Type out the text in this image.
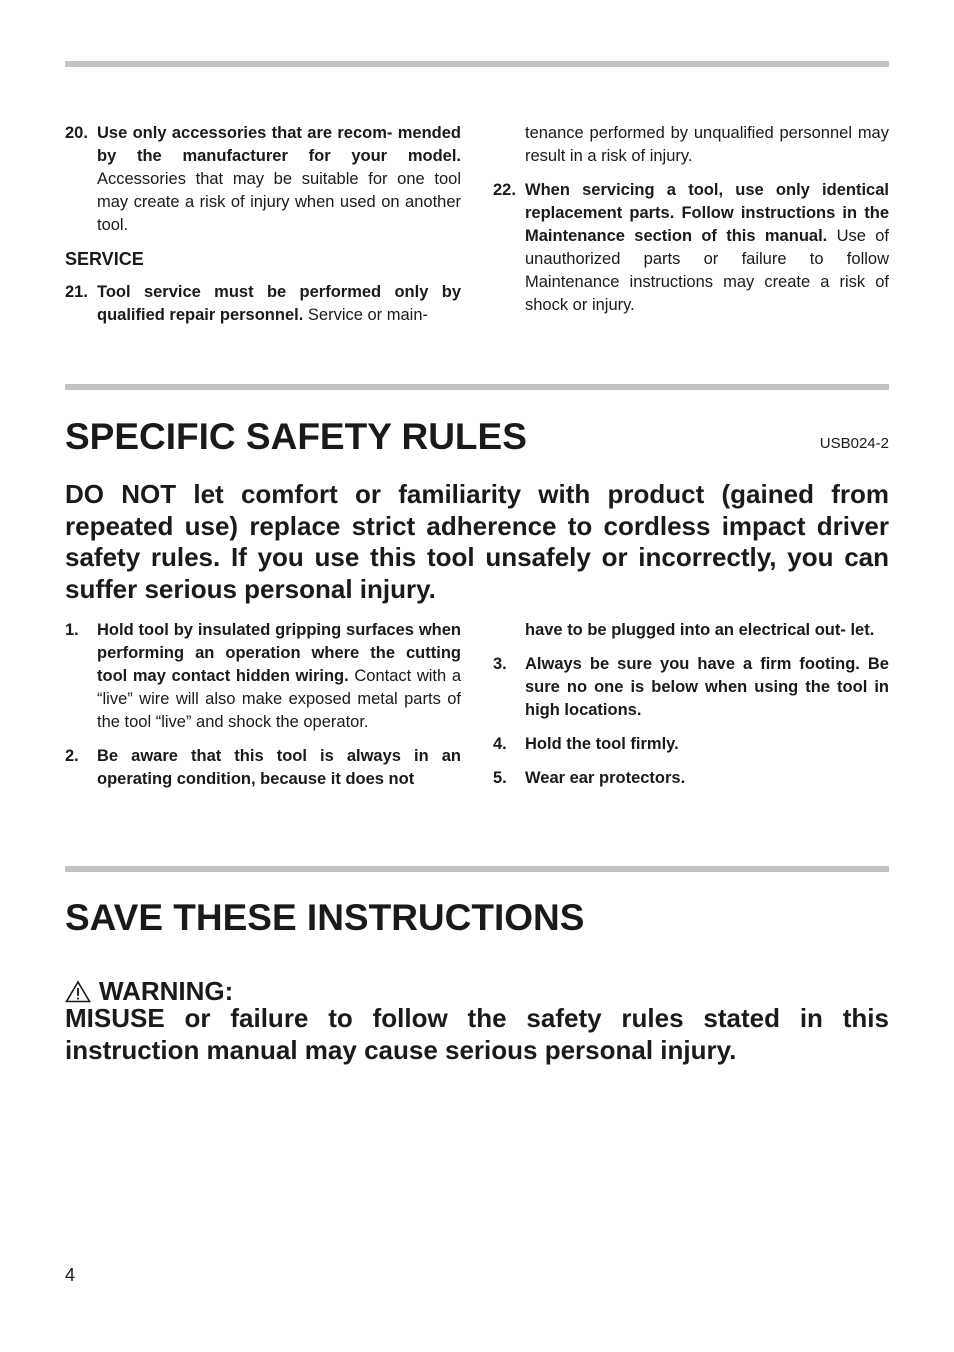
20. Use only accessories that are recom- mended by the manufacturer for your model. Accessories that may be suitable for one tool may create a risk of injury when used on another tool.

SERVICE

21. Tool service must be performed only by qualified repair personnel. Service or main-

tenance performed by unqualified personnel may result in a risk of injury.

22. When servicing a tool, use only identical replacement parts. Follow instructions in the Maintenance section of this manual. Use of unauthorized parts or failure to follow Maintenance instructions may create a risk of shock or injury.

SPECIFIC SAFETY RULES	USB024-2

DO NOT let comfort or familiarity with product (gained from repeated use) replace strict adherence to cordless impact driver safety rules. If you use this tool unsafely or incorrectly, you can suffer serious personal injury.

1. Hold tool by insulated gripping surfaces when performing an operation where the cutting tool may contact hidden wiring. Contact with a “live” wire will also make exposed metal parts of the tool “live” and shock the operator.

2. Be aware that this tool is always in an operating condition, because it does not

have to be plugged into an electrical out- let.

3. Always be sure you have a firm footing. Be sure no one is below when using the tool in high locations.

4. Hold the tool firmly.

5. Wear ear protectors.

SAVE THESE INSTRUCTIONS
WARNING:

MISUSE or failure to follow the safety rules stated in this instruction manual may cause serious personal injury.

4
